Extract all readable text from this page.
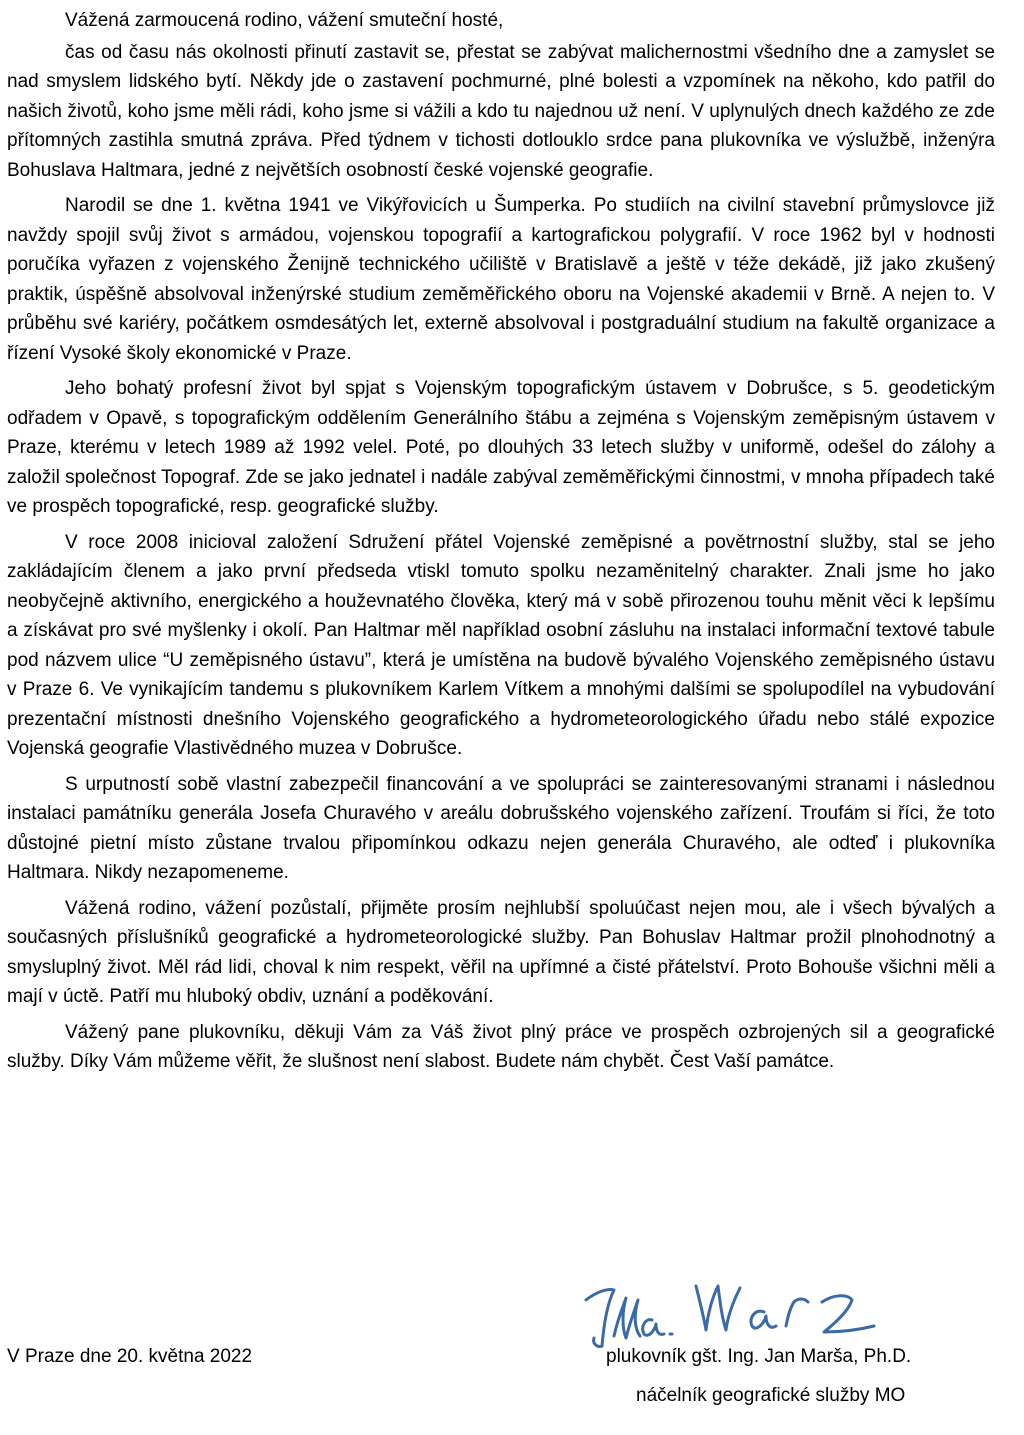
Vážená zarmoucená rodino, vážení smuteční hosté,

čas od času nás okolnosti přinutí zastavit se, přestat se zabývat malichernostmi všedního dne a zamyslet se nad smyslem lidského bytí. Někdy jde o zastavení pochmurné, plné bolesti a vzpomínek na někoho, kdo patřil do našich životů, koho jsme měli rádi, koho jsme si vážili a kdo tu najednou už není. V uplynulých dnech každého ze zde přítomných zastihla smutná zpráva. Před týdnem v tichosti dotlouklo srdce pana plukovníka ve výslužbě, inženýra Bohuslava Haltmara, jedné z největších osobností české vojenské geografie.

Narodil se dne 1. května 1941 ve Vikýřovicích u Šumperka. Po studiích na civilní stavební průmyslovce již navždy spojil svůj život s armádou, vojenskou topografií a kartografickou polygrafií. V roce 1962 byl v hodnosti poručíka vyřazen z vojenského Ženijně technického učiliště v Bratislavě a ještě v téže dekádě, již jako zkušený praktik, úspěšně absolvoval inženýrské studium zeměměřického oboru na Vojenské akademii v Brně. A nejen to. V průběhu své kariéry, počátkem osmdesátých let, externě absolvoval i postgraduální studium na fakultě organizace a řízení Vysoké školy ekonomické v Praze.

Jeho bohatý profesní život byl spjat s Vojenským topografickým ústavem v Dobrušce, s 5. geodetickým odřadem v Opavě, s topografickým oddělením Generálního štábu a zejména s Vojenským zeměpisným ústavem v Praze, kterému v letech 1989 až 1992 velel. Poté, po dlouhých 33 letech služby v uniformě, odešel do zálohy a založil společnost Topograf. Zde se jako jednatel i nadále zabýval zeměměřickými činnostmi, v mnoha případech také ve prospěch topografické, resp. geografické služby.

V roce 2008 inicioval založení Sdružení přátel Vojenské zeměpisné a povětrnostní služby, stal se jeho zakládajícím členem a jako první předseda vtiskl tomuto spolku nezaměnitelný charakter. Znali jsme ho jako neobyčejně aktivního, energického a houževnatého člověka, který má v sobě přirozenou touhu měnit věci k lepšímu a získávat pro své myšlenky i okolí. Pan Haltmar měl například osobní zásluhu na instalaci informační textové tabule pod názvem ulice “U zeměpisného ústavu”, která je umístěna na budově bývalého Vojenského zeměpisného ústavu v Praze 6. Ve vynikajícím tandemu s plukovníkem Karlem Vítkem a mnohými dalšími se spolupodílel na vybudování prezentační místnosti dnešního Vojenského geografického a hydrometeorologického úřadu nebo stálé expozice Vojenská geografie Vlastivědného muzea v Dobrušce.

S urputností sobě vlastní zabezpečil financování a ve spolupráci se zainteresovanými stranami i následnou instalaci památníku generála Josefa Churavého v areálu dobrušského vojenského zařízení. Troufám si říci, že toto důstojné pietní místo zůstane trvalou připomínkou odkazu nejen generála Churavého, ale odteď i plukovníka Haltmara. Nikdy nezapomeneme.

Vážená rodino, vážení pozůstalí, přijměte prosím nejhlubší spoluúčast nejen mou, ale i všech bývalých a současných příslušníků geografické a hydrometeorologické služby. Pan Bohuslav Haltmar prožil plnohodnotný a smysluplný život. Měl rád lidi, choval k nim respekt, věřil na upřímné a čisté přátelství. Proto Bohouše všichni měli a mají v úctě. Patří mu hluboký obdiv, uznání a poděkování.

Vážený pane plukovníku, děkuji Vám za Váš život plný práce ve prospěch ozbrojených sil a geografické služby. Díky Vám můžeme věřit, že slušnost není slabost. Budete nám chybět. Čest Vaší památce.

V Praze dne 20. května 2022	plukovník gšt. Ing. Jan Marša, Ph.D.
náčelník geografické služby MO
